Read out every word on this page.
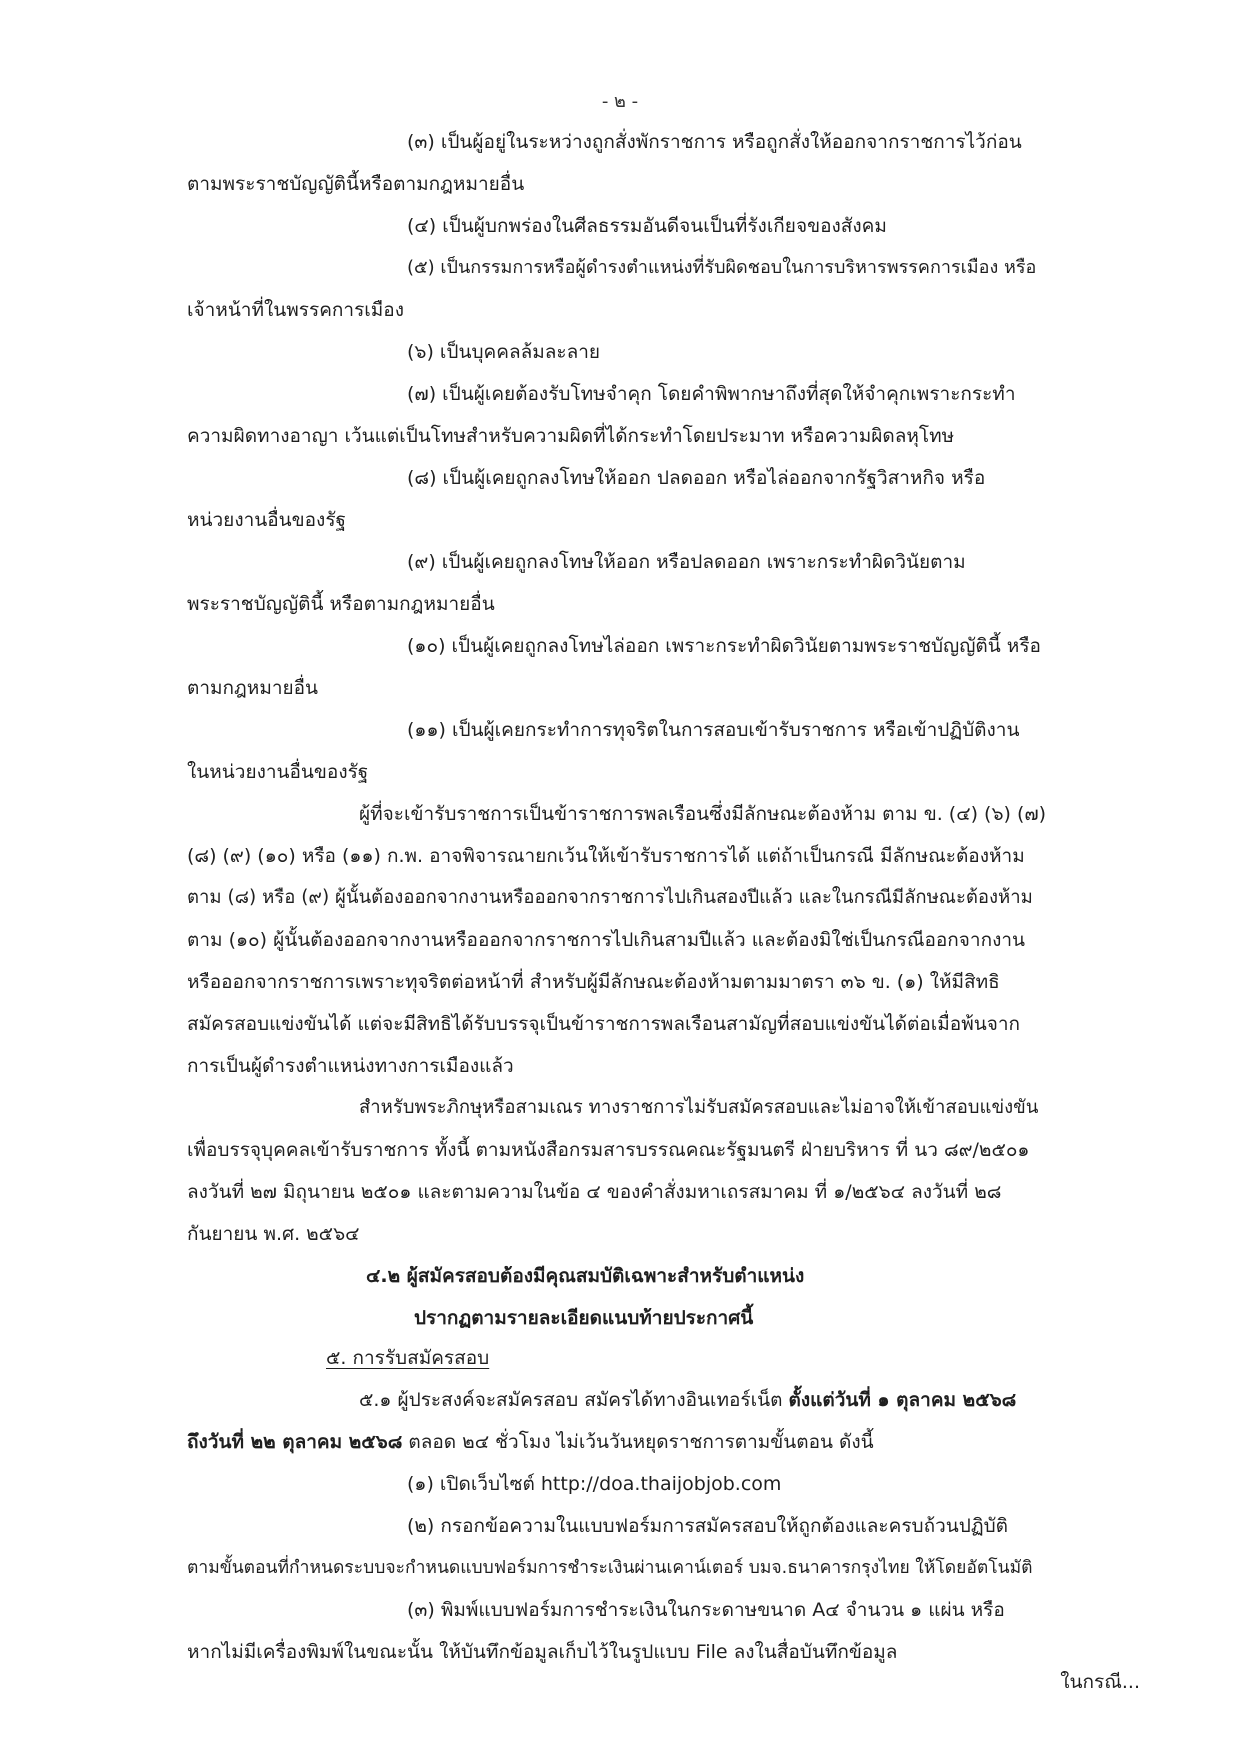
- ๒ -
(๓) เป็นผู้อยู่ในระหว่างถูกสั่งพักราชการ หรือถูกสั่งให้ออกจากราชการไว้ก่อน
ตามพระราชบัญญัตินี้หรือตามกฎหมายอื่น
(๔) เป็นผู้บกพร่องในศีลธรรมอันดีจนเป็นที่รังเกียจของสังคม
(๕) เป็นกรรมการหรือผู้ดำรงตำแหน่งที่รับผิดชอบในการบริหารพรรคการเมือง หรือ
เจ้าหน้าที่ในพรรคการเมือง
(๖) เป็นบุคคลล้มละลาย
(๗) เป็นผู้เคยต้องรับโทษจำคุก โดยคำพิพากษาถึงที่สุดให้จำคุกเพราะกระทำ
ความผิดทางอาญา เว้นแต่เป็นโทษสำหรับความผิดที่ได้กระทำโดยประมาท หรือความผิดลหุโทษ
(๘) เป็นผู้เคยถูกลงโทษให้ออก ปลดออก หรือไล่ออกจากรัฐวิสาหกิจ หรือ
หน่วยงานอื่นของรัฐ
(๙) เป็นผู้เคยถูกลงโทษให้ออก หรือปลดออก เพราะกระทำผิดวินัยตาม
พระราชบัญญัตินี้ หรือตามกฎหมายอื่น
(๑๐) เป็นผู้เคยถูกลงโทษไล่ออก เพราะกระทำผิดวินัยตามพระราชบัญญัตินี้ หรือ
ตามกฎหมายอื่น
(๑๑) เป็นผู้เคยกระทำการทุจริตในการสอบเข้ารับราชการ หรือเข้าปฏิบัติงาน
ในหน่วยงานอื่นของรัฐ
ผู้ที่จะเข้ารับราชการเป็นข้าราชการพลเรือนซึ่งมีลักษณะต้องห้าม ตาม ข. (๔) (๖) (๗)
(๘) (๙) (๑๐) หรือ (๑๑) ก.พ. อาจพิจารณายกเว้นให้เข้ารับราชการได้ แต่ถ้าเป็นกรณี มีลักษณะต้องห้าม
ตาม (๘) หรือ (๙) ผู้นั้นต้องออกจากงานหรือออกจากราชการไปเกินสองปีแล้ว และในกรณีมีลักษณะต้องห้าม
ตาม (๑๐) ผู้นั้นต้องออกจากงานหรือออกจากราชการไปเกินสามปีแล้ว และต้องมิใช่เป็นกรณีออกจากงาน
หรือออกจากราชการเพราะทุจริตต่อหน้าที่ สำหรับผู้มีลักษณะต้องห้ามตามมาตรา ๓๖ ข. (๑) ให้มีสิทธิ
สมัครสอบแข่งขันได้ แต่จะมีสิทธิได้รับบรรจุเป็นข้าราชการพลเรือนสามัญที่สอบแข่งขันได้ต่อเมื่อพ้นจาก
การเป็นผู้ดำรงตำแหน่งทางการเมืองแล้ว
สำหรับพระภิกษุหรือสามเณร ทางราชการไม่รับสมัครสอบและไม่อาจให้เข้าสอบแข่งขัน
เพื่อบรรจุบุคคลเข้ารับราชการ ทั้งนี้ ตามหนังสือกรมสารบรรณคณะรัฐมนตรี ฝ่ายบริหาร ที่ นว ๘๙/๒๕๐๑
ลงวันที่ ๒๗ มิถุนายน ๒๕๐๑ และตามความในข้อ ๔ ของคำสั่งมหาเถรสมาคม ที่ ๑/๒๕๖๔ ลงวันที่ ๒๘
กันยายน พ.ศ. ๒๕๖๔
๔.๒ ผู้สมัครสอบต้องมีคุณสมบัติเฉพาะสำหรับตำแหน่ง
ปรากฏตามรายละเอียดแนบท้ายประกาศนี้
๕. การรับสมัครสอบ
๕.๑ ผู้ประสงค์จะสมัครสอบ สมัครได้ทางอินเทอร์เน็ต ตั้งแต่วันที่ ๑ ตุลาคม ๒๕๖๘
ถึงวันที่ ๒๒ ตุลาคม ๒๕๖๘ ตลอด ๒๔ ชั่วโมง ไม่เว้นวันหยุดราชการตามขั้นตอน ดังนี้
(๑) เปิดเว็บไซต์ http://doa.thaijobjob.com
(๒) กรอกข้อความในแบบฟอร์มการสมัครสอบให้ถูกต้องและครบถ้วนปฏิบัติ
ตามขั้นตอนที่กำหนดระบบจะกำหนดแบบฟอร์มการชำระเงินผ่านเคาน์เตอร์ บมจ.ธนาคารกรุงไทย ให้โดยอัตโนมัติ
(๓) พิมพ์แบบฟอร์มการชำระเงินในกระดาษขนาด A๔ จำนวน ๑ แผ่น หรือ
หากไม่มีเครื่องพิมพ์ในขณะนั้น ให้บันทึกข้อมูลเก็บไว้ในรูปแบบ File ลงในสื่อบันทึกข้อมูล
ในกรณี...
